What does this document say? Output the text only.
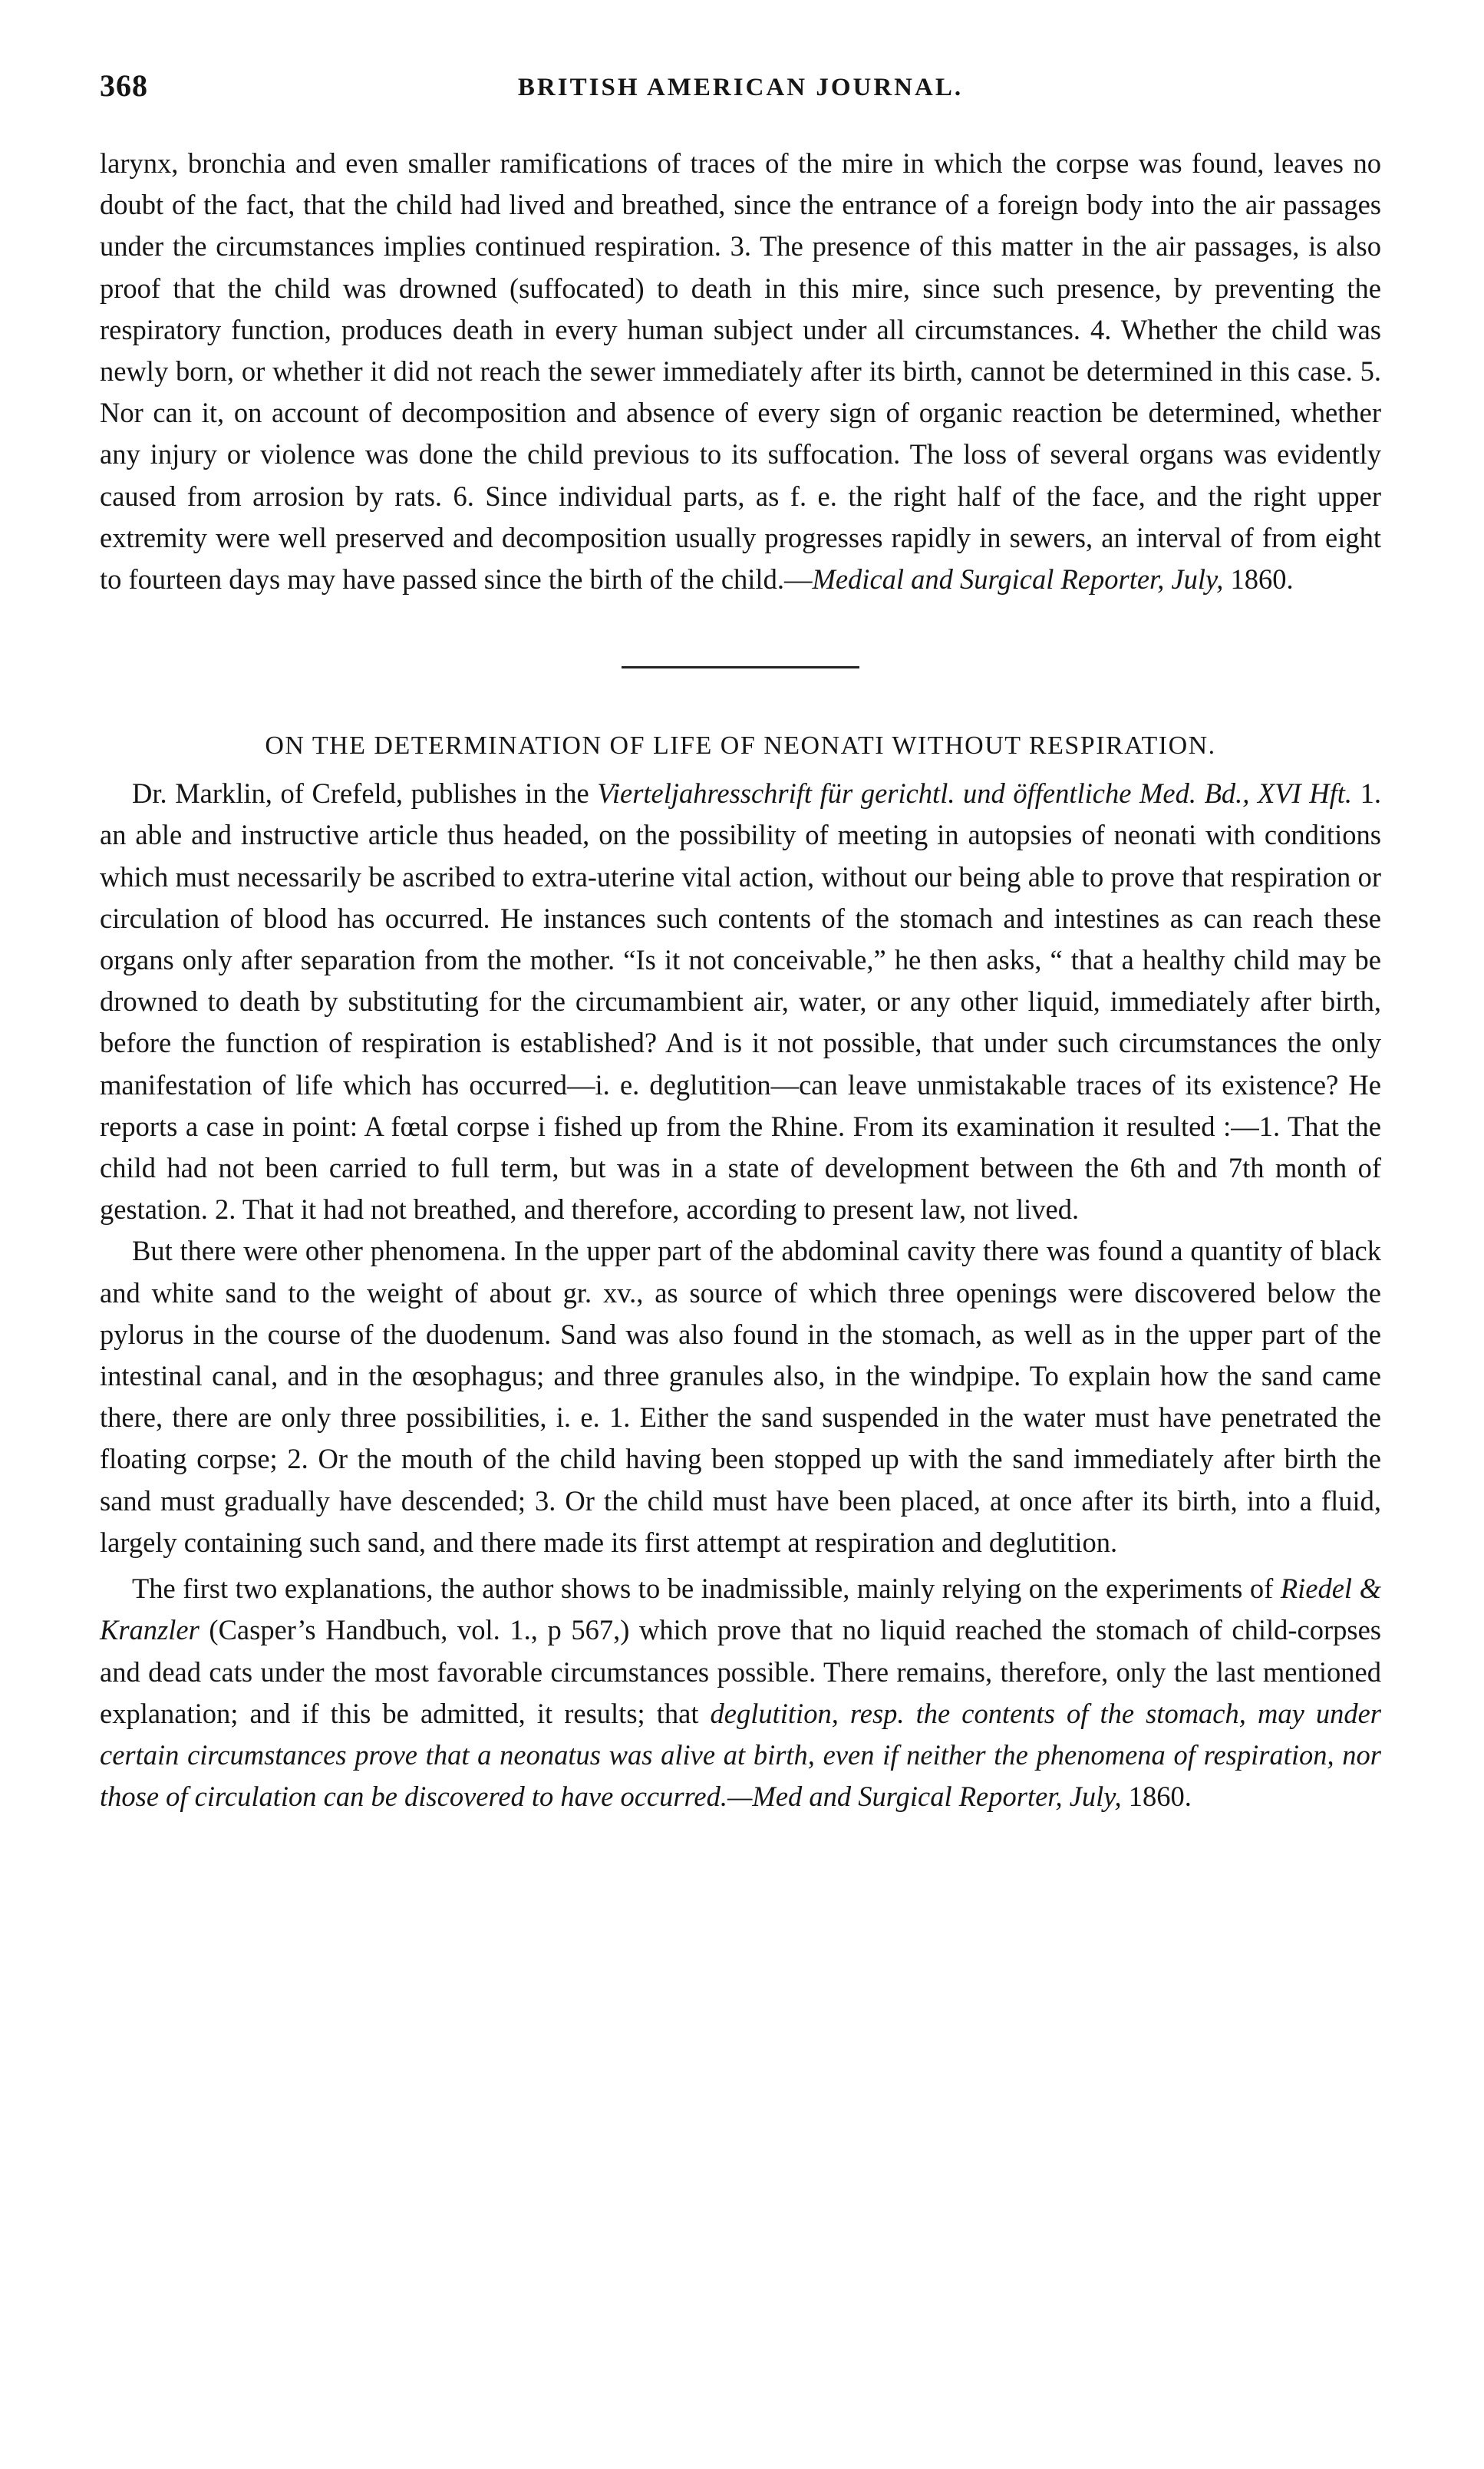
368	BRITISH AMERICAN JOURNAL.

larynx, bronchia and even smaller ramifications of traces of the mire in which the corpse was found, leaves no doubt of the fact, that the child had lived and breathed, since the entrance of a foreign body into the air passages under the circumstances implies continued respiration. 3. The presence of this matter in the air passages, is also proof that the child was drowned (suffocated) to death in this mire, since such presence, by preventing the respiratory function, produces death in every human subject under all circumstances. 4. Whether the child was newly born, or whether it did not reach the sewer immediately after its birth, cannot be determined in this case. 5. Nor can it, on account of decomposition and absence of every sign of organic reaction be determined, whether any injury or violence was done the child previous to its suffocation. The loss of several organs was evidently caused from arrosion by rats. 6. Since individual parts, as f. e. the right half of the face, and the right upper extremity were well preserved and decomposition usually progresses rapidly in sewers, an interval of from eight to fourteen days may have passed since the birth of the child.—Medical and Surgical Reporter, July, 1860.

ON THE DETERMINATION OF LIFE OF NEONATI WITHOUT RESPIRATION.

Dr. Marklin, of Crefeld, publishes in the Vierteljahresschrift für gerichtl. und öffentliche Med. Bd., XVI Hft. 1. an able and instructive article thus headed, on the possibility of meeting in autopsies of neonati with conditions which must necessarily be ascribed to extra-uterine vital action, without our being able to prove that respiration or circulation of blood has occurred. He instances such contents of the stomach and intestines as can reach these organs only after separation from the mother. “Is it not conceivable,” he then asks, “ that a healthy child may be drowned to death by substituting for the circumambient air, water, or any other liquid, immediately after birth, before the function of respiration is established? And is it not possible, that under such circumstances the only manifestation of life which has occurred—i. e. deglutition—can leave unmistakable traces of its existence? He reports a case in point: A fœtal corpse i fished up from the Rhine. From its examination it resulted :—1. That the child had not been carried to full term, but was in a state of development between the 6th and 7th month of gestation. 2. That it had not breathed, and therefore, according to present law, not lived.

But there were other phenomena. In the upper part of the abdominal cavity there was found a quantity of black and white sand to the weight of about gr. xv., as source of which three openings were discovered below the pylorus in the course of the duodenum. Sand was also found in the stomach, as well as in the upper part of the intestinal canal, and in the œsophagus; and three granules also, in the windpipe. To explain how the sand came there, there are only three possibilities, i. e. 1. Either the sand suspended in the water must have penetrated the floating corpse; 2. Or the mouth of the child having been stopped up with the sand immediately after birth the sand must gradually have descended; 3. Or the child must have been placed, at once after its birth, into a fluid, largely containing such sand, and there made its first attempt at respiration and deglutition.

The first two explanations, the author shows to be inadmissible, mainly relying on the experiments of Riedel & Kranzler (Casper’s Handbuch, vol. 1., p 567,) which prove that no liquid reached the stomach of child-corpses and dead cats under the most favorable circumstances possible. There remains, therefore, only the last mentioned explanation; and if this be admitted, it results; that deglutition, resp. the contents of the stomach, may under certain circumstances prove that a neonatus was alive at birth, even if neither the phenomena of respiration, nor those of circulation can be discovered to have occurred.—Med and Surgical Reporter, July, 1860.
